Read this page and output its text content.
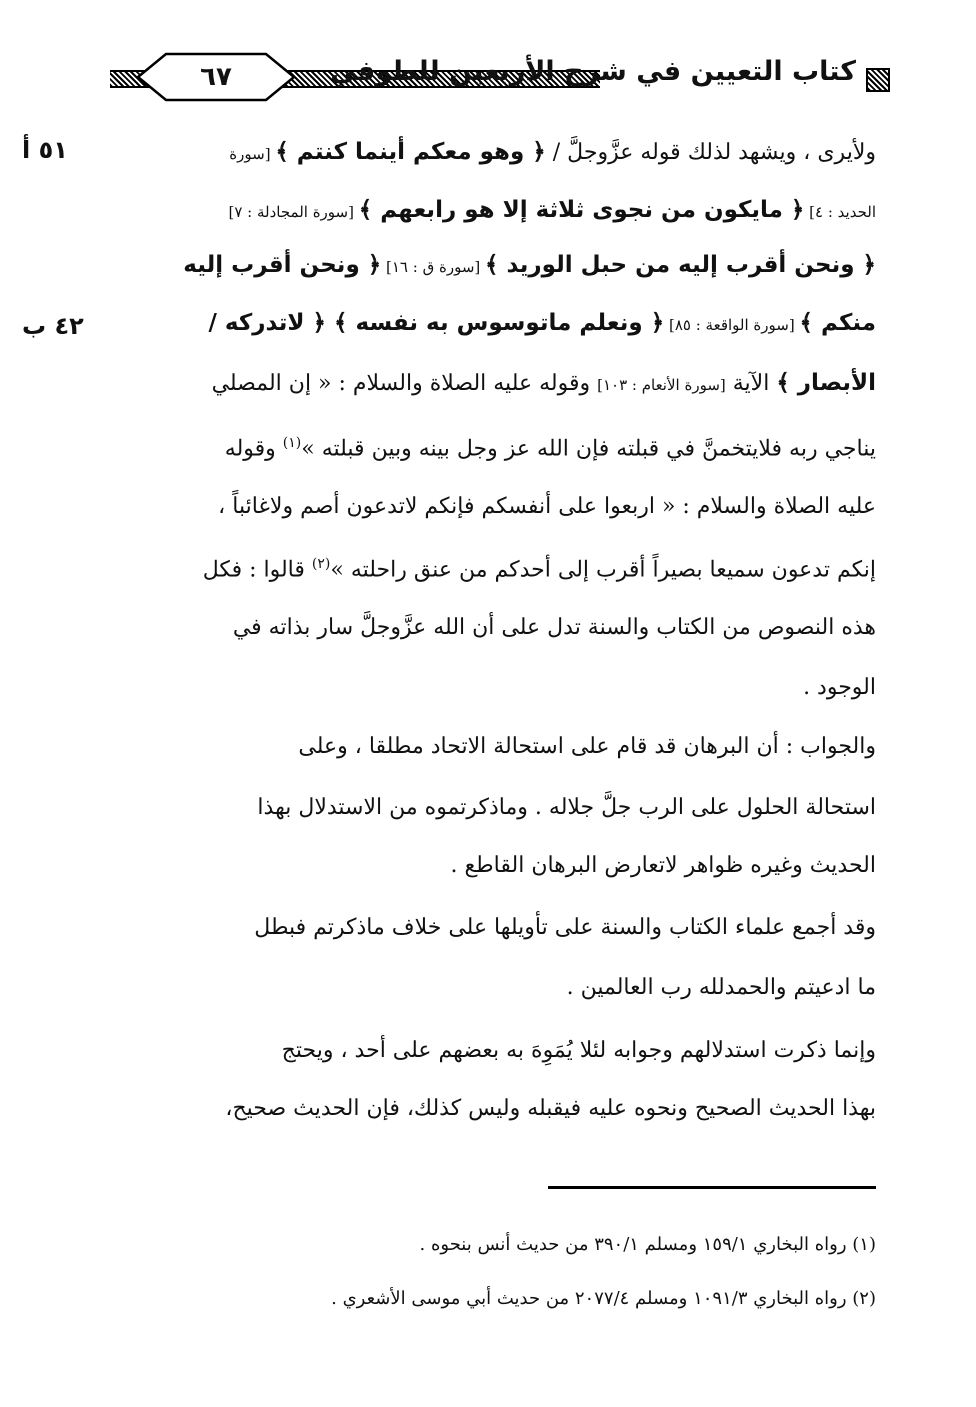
٦٧	كتاب التعيين في شرح الأربعين للطوفي
٥١ أ
٤٢ ب
ولأيرى ، ويشهد لذلك قوله عزَّوجلَّ / ﴿ وهو معكم أينما كنتم ﴾ [سورة
الحديد : ٤] ﴿ مايكون من نجوى ثلاثة إلا هو رابعهم ﴾ [سورة المجادلة : ٧]
﴿ ونحن أقرب إليه من حبل الوريد ﴾ [سورة ق : ١٦] ﴿ ونحن أقرب إليه
منكم ﴾ [سورة الواقعة : ٨٥] ﴿ ونعلم ماتوسوس به نفسه ﴾ ﴿ لاتدركه /
الأبصار ﴾ الآية [سورة الأنعام : ١٠٣] وقوله عليه الصلاة والسلام : « إن المصلي
يناجي ربه فلايتخمنَّ في قبلته فإن الله عز وجل بينه وبين قبلته »$^{(١)}$ وقوله
عليه الصلاة والسلام : « اربعوا على أنفسكم فإنكم لاتدعون أصم ولاغائباً ،
إنكم تدعون سميعا بصيراً أقرب إلى أحدكم من عنق راحلته »$^{(٢)}$ قالوا : فكل
هذه النصوص من الكتاب والسنة تدل على أن الله عزَّوجلَّ سار بذاته في
الوجود .
والجواب : أن البرهان قد قام على استحالة الاتحاد مطلقا ، وعلى
استحالة الحلول على الرب جلَّ جلاله . وماذكرتموه من الاستدلال بهذا
الحديث وغيره ظواهر لاتعارض البرهان القاطع .
وقد أجمع علماء الكتاب والسنة على تأويلها على خلاف ماذكرتم فبطل
ما ادعيتم والحمدلله رب العالمين .
وإنما ذكرت استدلالهم وجوابه لئلا يُمَوِهَ به بعضهم على أحد ، ويحتج
بهذا الحديث الصحيح ونحوه عليه فيقبله وليس كذلك، فإن الحديث صحيح،
(١) رواه البخاري ١٥٩/١ ومسلم ٣٩٠/١ من حديث أنس بنحوه .
(٢) رواه البخاري ١٠٩١/٣ ومسلم ٢٠٧٧/٤ من حديث أبي موسى الأشعري .
